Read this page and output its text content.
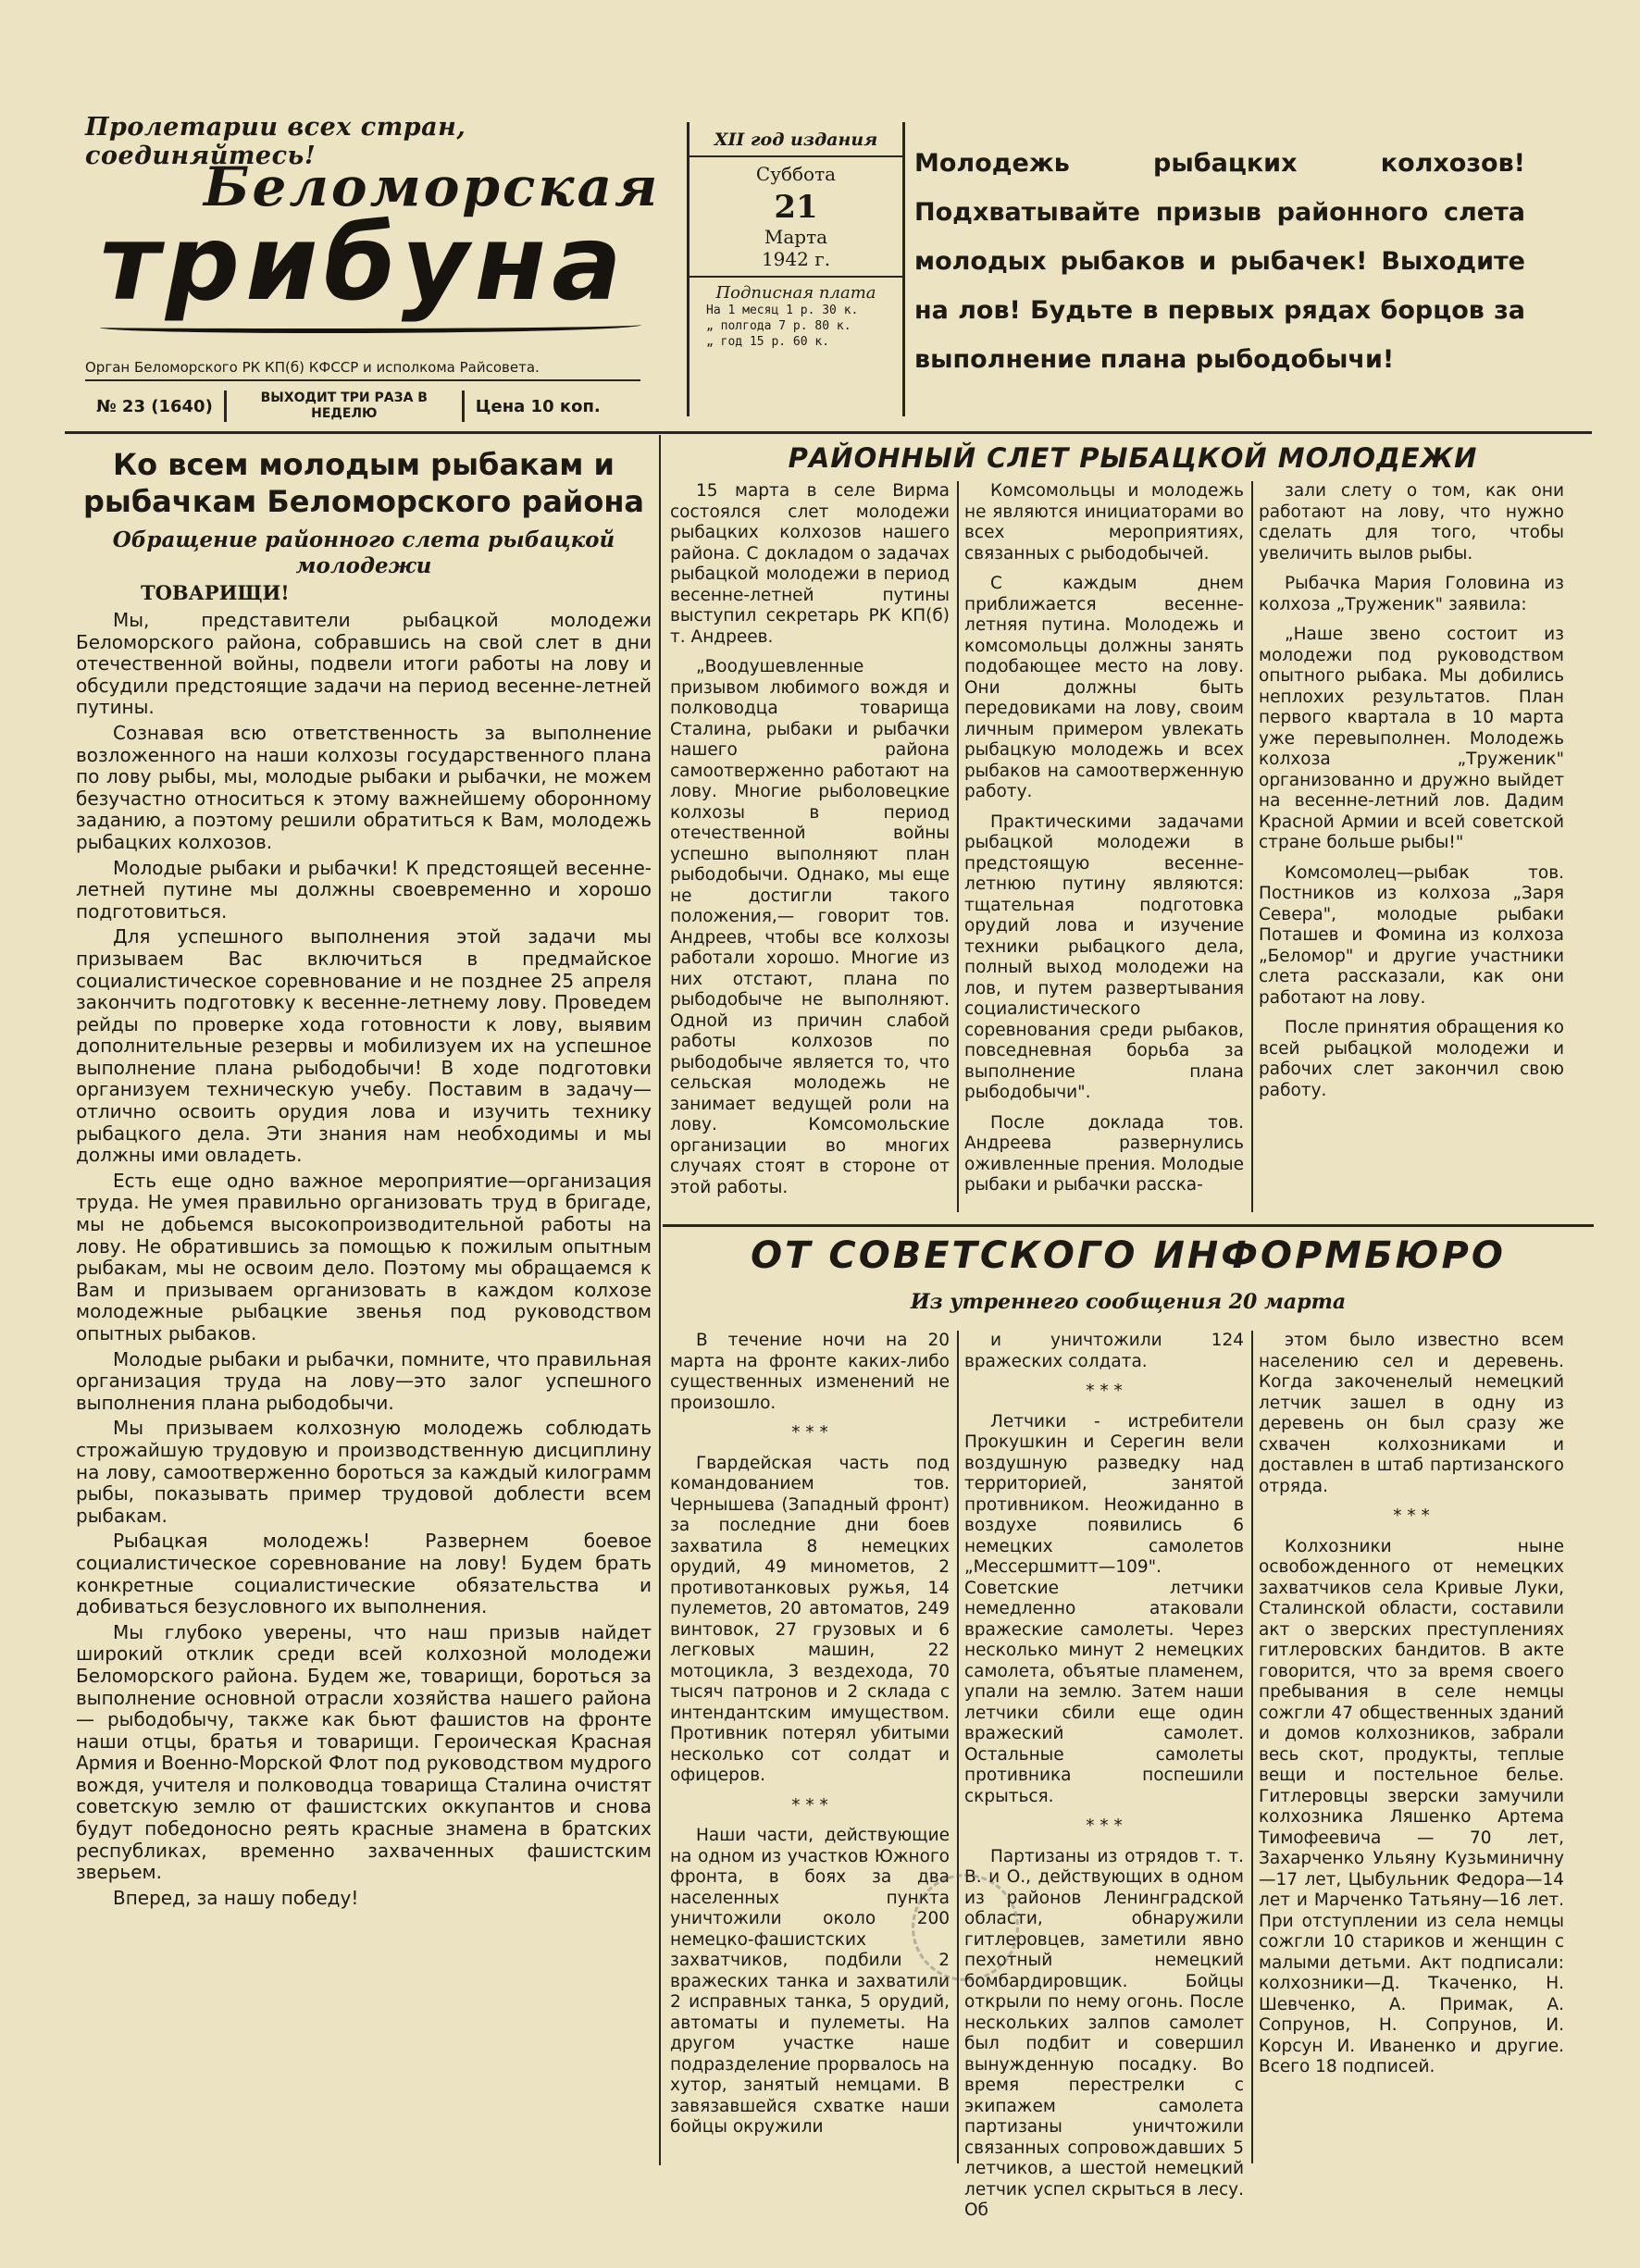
Пролетарии всех стран, соединяйтесь!
Беломорская
трибуна
Орган Беломорского РК КП(б) КФССР и исполкома Райсовета.
№ 23 (1640)	ВЫХОДИТ ТРИ РАЗА В НЕДЕЛЮ	Цена 10 коп.
XII год издания
Суббота
21
Марта
1942 г.
Подписная плата
На 1 месяц 1 р. 30 к.
„ полгода 7 р. 80 к.
„ год 15 р. 60 к.
Молодежь рыбацких колхозов! Подхватывайте призыв районного слета молодых рыбаков и рыбачек! Выходите на лов! Будьте в первых рядах борцов за выполнение плана рыбодобычи!
Ко всем молодым рыбакам и рыбачкам Беломорского района
Обращение районного слета рыбацкой молодежи
ТОВАРИЩИ!

Мы, представители рыбацкой молодежи Беломорского района, собравшись на свой слет в дни отечественной войны, подвели итоги работы на лову и обсудили предстоящие задачи на период весенне-летней путины.

Сознавая всю ответственность за выполнение возложенного на наши колхозы государственного плана по лову рыбы, мы, молодые рыбаки и рыбачки, не можем безучастно относиться к этому важнейшему оборонному заданию, а поэтому решили обратиться к Вам, молодежь рыбацких колхозов.

Молодые рыбаки и рыбачки! К предстоящей весенне-летней путине мы должны своевременно и хорошо подготовиться.

Для успешного выполнения этой задачи мы призываем Вас включиться в предмайское социалистическое соревнование и не позднее 25 апреля закончить подготовку к весенне-летнему лову. Проведем рейды по проверке хода готовности к лову, выявим дополнительные резервы и мобилизуем их на успешное выполнение плана рыбодобычи! В ходе подготовки организуем техническую учебу. Поставим в задачу—отлично освоить орудия лова и изучить технику рыбацкого дела. Эти знания нам необходимы и мы должны ими овладеть.

Есть еще одно важное мероприятие—организация труда. Не умея правильно организовать труд в бригаде, мы не добьемся высокопроизводительной работы на лову. Не обратившись за помощью к пожилым опытным рыбакам, мы не освоим дело. Поэтому мы обращаемся к Вам и призываем организовать в каждом колхозе молодежные рыбацкие звенья под руководством опытных рыбаков.

Молодые рыбаки и рыбачки, помните, что правильная организация труда на лову—это залог успешного выполнения плана рыбодобычи.

Мы призываем колхозную молодежь соблюдать строжайшую трудовую и производственную дисциплину на лову, самоотверженно бороться за каждый килограмм рыбы, показывать пример трудовой доблести всем рыбакам.

Рыбацкая молодежь! Развернем боевое социалистическое соревнование на лову! Будем брать конкретные социалистические обязательства и добиваться безусловного их выполнения.

Мы глубоко уверены, что наш призыв найдет широкий отклик среди всей колхозной молодежи Беломорского района. Будем же, товарищи, бороться за выполнение основной отрасли хозяйства нашего района — рыбодобычу, также как бьют фашистов на фронте наши отцы, братья и товарищи. Героическая Красная Армия и Военно-Морской Флот под руководством мудрого вождя, учителя и полководца товарища Сталина очистят советскую землю от фашистских оккупантов и снова будут победоносно реять красные знамена в братских республиках, временно захваченных фашистским зверьем.

Вперед, за нашу победу!

РАЙОННЫЙ СЛЕТ РЫБАЦКОЙ МОЛОДЕЖИ

15 марта в селе Вирма состоялся слет молодежи рыбацких колхозов нашего района. С докладом о задачах рыбацкой молодежи в период весенне-летней путины выступил секретарь РК КП(б) т. Андреев.

„Воодушевленные призывом любимого вождя и полководца товарища Сталина, рыбаки и рыбачки нашего района самоотверженно работают на лову. Многие рыболовецкие колхозы в период отечественной войны успешно выполняют план рыбодобычи. Однако, мы еще не достигли такого положения,— говорит тов. Андреев, чтобы все колхозы работали хорошо. Многие из них отстают, плана по рыбодобыче не выполняют. Одной из причин слабой работы колхозов по рыбодобыче является то, что сельская молодежь не занимает ведущей роли на лову. Комсомольские организации во многих случаях стоят в стороне от этой работы.

Комсомольцы и молодежь не являются инициаторами во всех мероприятиях, связанных с рыбодобычей.

С каждым днем приближается весенне-летняя путина. Молодежь и комсомольцы должны занять подобающее место на лову. Они должны быть передовиками на лову, своим личным примером увлекать рыбацкую молодежь и всех рыбаков на самоотверженную работу.

Практическими задачами рыбацкой молодежи в предстоящую весенне-летнюю путину являются: тщательная подготовка орудий лова и изучение техники рыбацкого дела, полный выход молодежи на лов, и путем развертывания социалистического соревнования среди рыбаков, повседневная борьба за выполнение плана рыбодобычи".

После доклада тов. Андреева развернулись оживленные прения. Молодые рыбаки и рыбачки расска-

зали слету о том, как они работают на лову, что нужно сделать для того, чтобы увеличить вылов рыбы.

Рыбачка Мария Головина из колхоза „Труженик" заявила:

„Наше звено состоит из молодежи под руководством опытного рыбака. Мы добились неплохих результатов. План первого квартала в 10 марта уже перевыполнен. Молодежь колхоза „Труженик" организованно и дружно выйдет на весенне-летний лов. Дадим Красной Армии и всей советской стране больше рыбы!"

Комсомолец—рыбак тов. Постников из колхоза „Заря Севера", молодые рыбаки Поташев и Фомина из колхоза „Беломор" и другие участники слета рассказали, как они работают на лову.

После принятия обращения ко всей рыбацкой молодежи и рабочих слет закончил свою работу.

ОТ СОВЕТСКОГО ИНФОРМБЮРО
Из утреннего сообщения 20 марта

В течение ночи на 20 марта на фронте каких-либо существенных изменений не произошло.

* * *

Гвардейская часть под командованием тов. Чернышева (Западный фронт) за последние дни боев захватила 8 немецких орудий, 49 минометов, 2 противотанковых ружья, 14 пулеметов, 20 автоматов, 249 винтовок, 27 грузовых и 6 легковых машин, 22 мотоцикла, 3 вездехода, 70 тысяч патронов и 2 склада с интендантским имуществом. Противник потерял убитыми несколько сот солдат и офицеров.

* * *

Наши части, действующие на одном из участков Южного фронта, в боях за два населенных пункта уничтожили около 200 немецко-фашистских захватчиков, подбили 2 вражеских танка и захватили 2 исправных танка, 5 орудий, автоматы и пулеметы. На другом участке наше подразделение прорвалось на хутор, занятый немцами. В завязавшейся схватке наши бойцы окружили

и уничтожили 124 вражеских солдата.

* * *

Летчики - истребители Прокушкин и Серегин вели воздушную разведку над территорией, занятой противником. Неожиданно в воздухе появились 6 немецких самолетов „Мессершмитт—109". Советские летчики немедленно атаковали вражеские самолеты. Через несколько минут 2 немецких самолета, объятые пламенем, упали на землю. Затем наши летчики сбили еще один вражеский самолет. Остальные самолеты противника поспешили скрыться.

* * *

Партизаны из отрядов т. т. В. и О., действующих в одном из районов Ленинградской области, обнаружили гитлеровцев, заметили явно пехотный немецкий бомбардировщик. Бойцы открыли по нему огонь. После нескольких залпов самолет был подбит и совершил вынужденную посадку. Во время перестрелки с экипажем самолета партизаны уничтожили связанных сопровождавших 5 летчиков, а шестой немецкий летчик успел скрыться в лесу. Об

этом было известно всем населению сел и деревень. Когда закоченелый немецкий летчик зашел в одну из деревень он был сразу же схвачен колхозниками и доставлен в штаб партизанского отряда.

* * *

Колхозники ныне освобожденного от немецких захватчиков села Кривые Луки, Сталинской области, составили акт о зверских преступлениях гитлеровских бандитов. В акте говорится, что за время своего пребывания в селе немцы сожгли 47 общественных зданий и домов колхозников, забрали весь скот, продукты, теплые вещи и постельное белье. Гитлеровцы зверски замучили колхозника Ляшенко Артема Тимофеевича — 70 лет, Захарченко Ульяну Кузьминичну—17 лет, Цыбульник Федора—14 лет и Марченко Татьяну—16 лет. При отступлении из села немцы сожгли 10 стариков и женщин с малыми детьми. Акт подписали: колхозники—Д. Ткаченко, Н. Шевченко, А. Примак, А. Сопрунов, Н. Сопрунов, И. Корсун И. Иваненко и другие. Всего 18 подписей.
